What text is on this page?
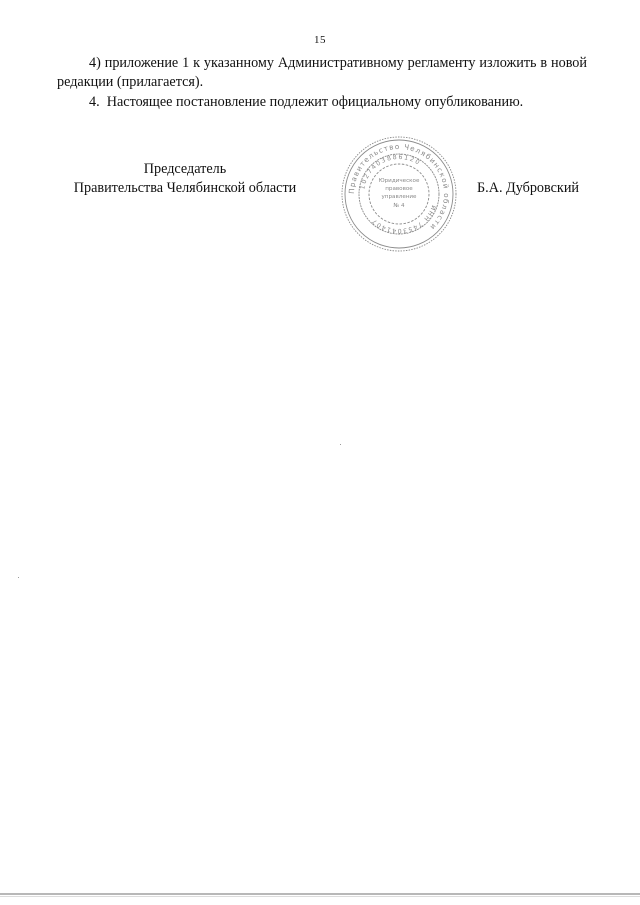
15
4) приложение 1 к указанному Административному регламенту изложить в новой редакции (прилагается).
4.  Настоящее постановление подлежит официальному опубликованию.
Председатель
Правительства Челябинской области	Правительство Челябинской области
1027403886120
ИНН 7453041407
Юридическое
правовое
управление
№ 4
Б.А. Дубровский
